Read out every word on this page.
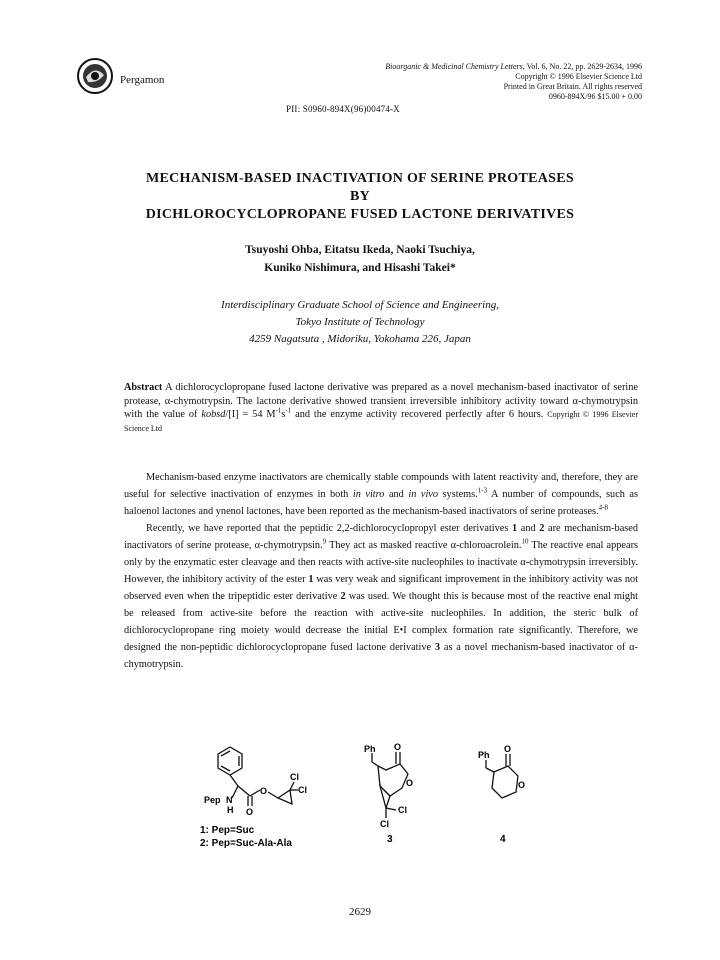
Pergamon
Bioorganic & Medicinal Chemistry Letters, Vol. 6, No. 22, pp. 2629-2634, 1996
Copyright © 1996 Elsevier Science Ltd
Printed in Great Britain. All rights reserved
0960-894X/96 $15.00 + 0.00
PII: S0960-894X(96)00474-X
MECHANISM-BASED INACTIVATION OF SERINE PROTEASES
BY
DICHLOROCYCLOPROPANE FUSED LACTONE DERIVATIVES
Tsuyoshi Ohba, Eitatsu Ikeda, Naoki Tsuchiya,
Kuniko Nishimura, and Hisashi Takei*
Interdisciplinary Graduate School of Science and Engineering,
Tokyo Institute of Technology
4259 Nagatsuta , Midoriku, Yokohama 226, Japan
Abstract A dichlorocyclopropane fused lactone derivative was prepared as a novel mechanism-based inactivator of serine protease, α-chymotrypsin. The lactone derivative showed transient irreversible inhibitory activity toward α-chymotrypsin with the value of kobsd/[I] = 54 $M^{-1}s^{-1}$ and the enzyme activity recovered perfectly after 6 hours. Copyright © 1996 Elsevier Science Ltd

Mechanism-based enzyme inactivators are chemically stable compounds with latent reactivity and, therefore, they are useful for selective inactivation of enzymes in both in vitro and in vivo systems.$^{1-3}$ A number of compounds, such as haloenol lactones and ynenol lactones, have been reported as the mechanism-based inactivators of serine proteases.$^{4-8}$

Recently, we have reported that the peptidic 2,2-dichlorocyclopropyl ester derivatives 1 and 2 are mechanism-based inactivators of serine protease, α-chymotrypsin.$^9$ They act as masked reactive α-chloroacrolein.$^{10}$ The reactive enal appears only by the enzymatic ester cleavage and then reacts with active-site nucleophiles to inactivate α-chymotrypsin irreversibly. However, the inhibitory activity of the ester 1 was very weak and significant improvement in the inhibitory activity was not observed even when the tripeptidic ester derivative 2 was used. We thought this is because most of the reactive enal might be released from active-site before the reaction with active-site nucleophiles. In addition, the steric bulk of dichlorocyclopropane ring moiety would decrease the initial E•I complex formation rate significantly. Therefore, we designed the non-peptidic dichlorocyclopropane fused lactone derivative 3 as a novel mechanism-based inactivator of α-chymotrypsin.

Pep N
H O
O
Cl
Cl
Ph O
O
Cl
Cl
Ph
O
O
1: Pep=Suc
2: Pep=Suc-Ala-Ala	3	4
2629
